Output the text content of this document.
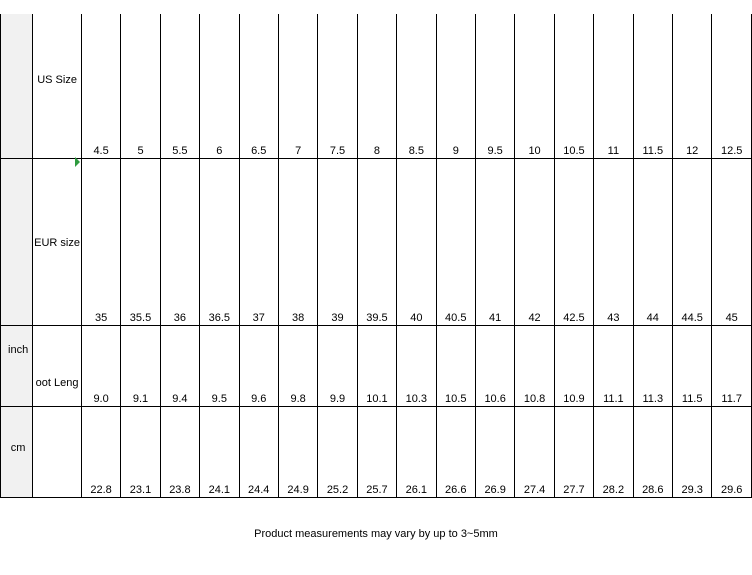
	US Size	4.5	5	5.5	6	6.5	7	7.5	8	8.5	9	9.5	10	10.5	11	11.5	12	12.5

	EUR size	35	35.5	36	36.5	37	38	39	39.5	40	40.5	41	42	42.5	43	44	44.5	45
inch	oot Leng	9.0	9.1	9.4	9.5	9.6	9.8	9.9	10.1	10.3	10.5	10.6	10.8	10.9	11.1	11.3	11.5	11.7
cm		22.8	23.1	23.8	24.1	24.4	24.9	25.2	25.7	26.1	26.6	26.9	27.4	27.7	28.2	28.6	29.3	29.6
Product measurements may vary by up to 3~5mm
